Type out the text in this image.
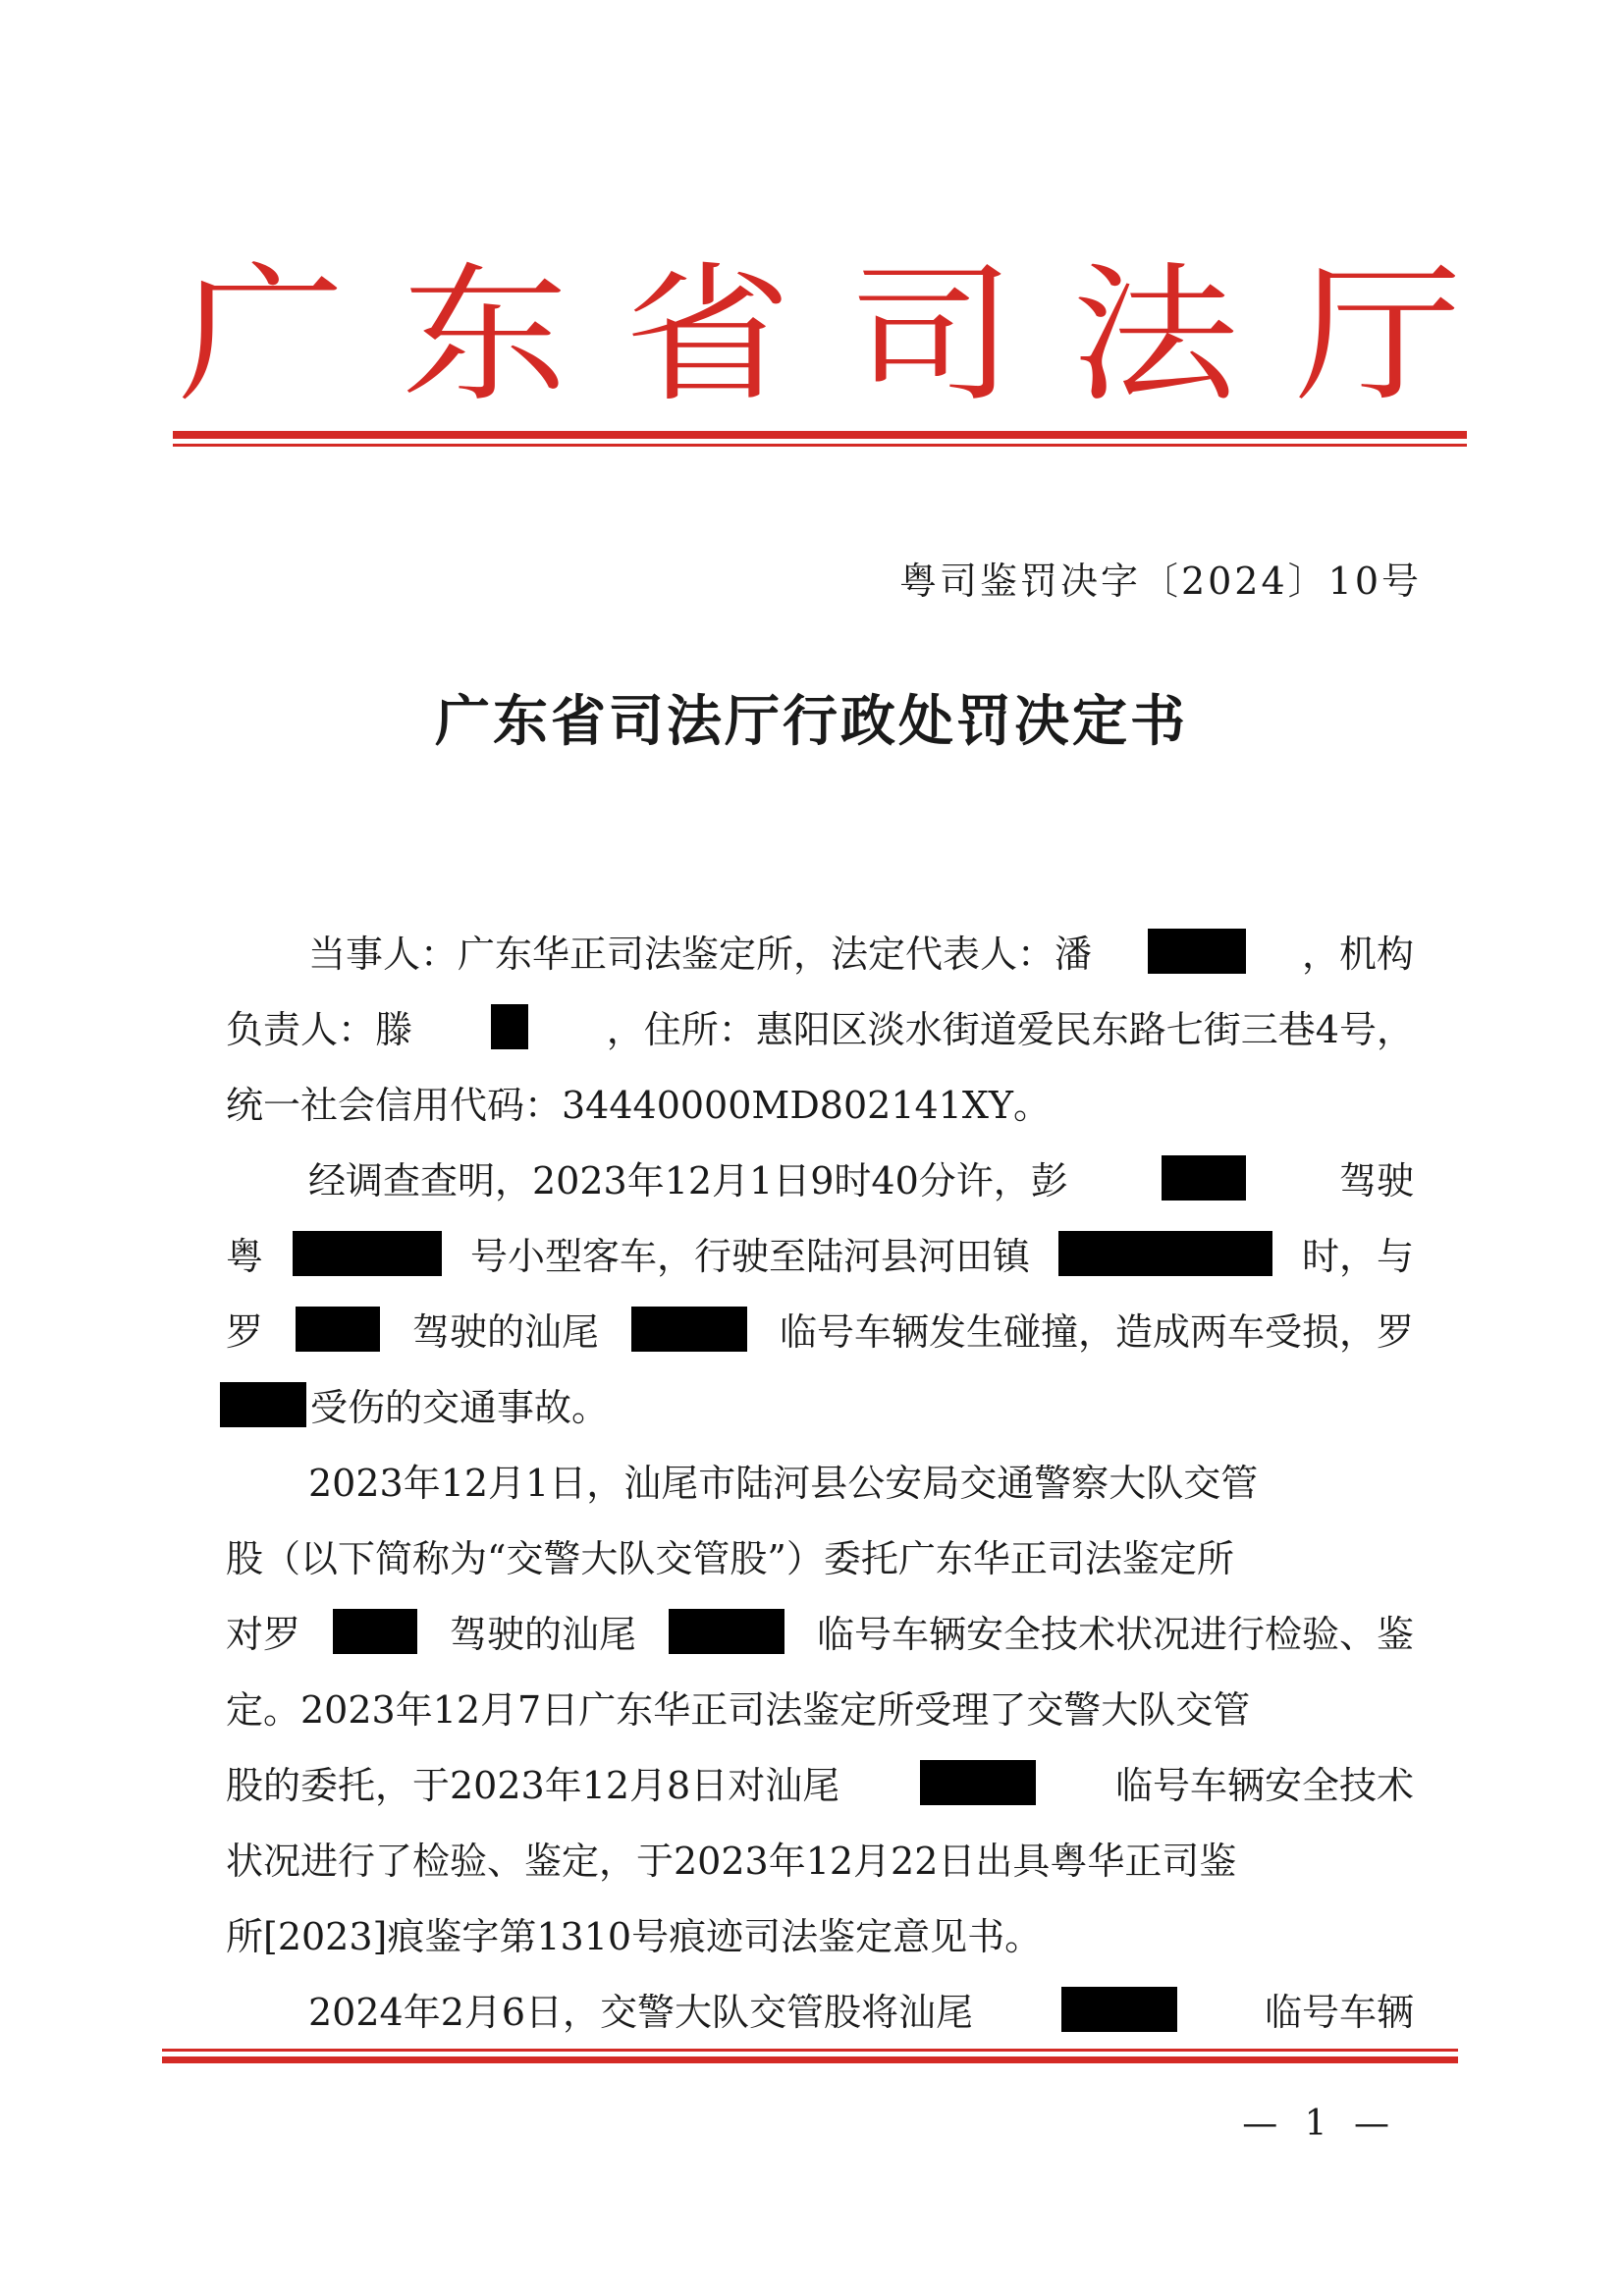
广 东 省 司 法 厅
粤司鉴罚决字〔2024〕10号
广东省司法厅行政处罚决定书
当事人：广东华正司法鉴定所，法定代表人：潘	，机构
负责人：滕	，住所：惠阳区淡水街道爱民东路七街三巷4号，
统一社会信用代码：34440000MD802141XY。
经调查查明，2023年12月1日9时40分许，彭	驾驶
粤	号小型客车，行驶至陆河县河田镇	时，与
罗	驾驶的汕尾	临号车辆发生碰撞，造成两车受损，罗
受伤的交通事故。
2023年12月1日，汕尾市陆河县公安局交通警察大队交管
股（以下简称为“交警大队交管股”）委托广东华正司法鉴定所
对罗	驾驶的汕尾	临号车辆安全技术状况进行检验、鉴
定。2023年12月7日广东华正司法鉴定所受理了交警大队交管
股的委托，于2023年12月8日对汕尾	临号车辆安全技术
状况进行了检验、鉴定，于2023年12月22日出具粤华正司鉴
所[2023]痕鉴字第1310号痕迹司法鉴定意见书。
2024年2月6日，交警大队交管股将汕尾	临号车辆
— 1 —
